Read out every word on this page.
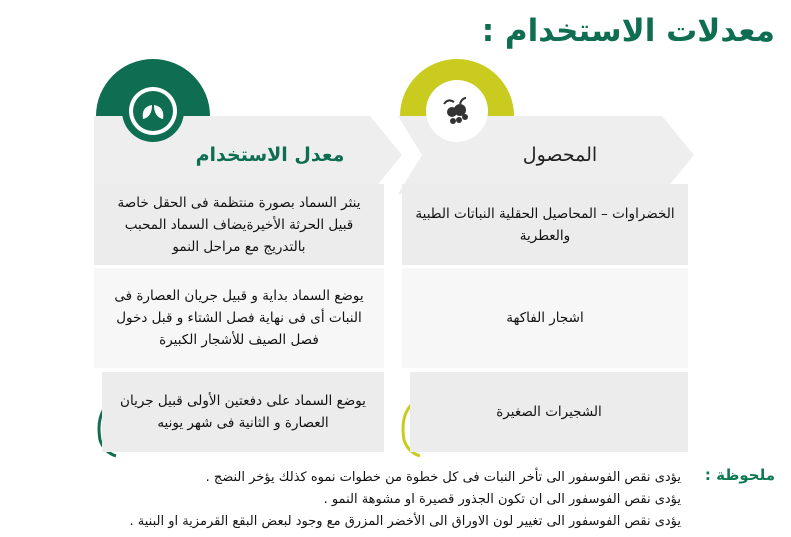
معدلات الاستخدام :
المحصول
معدل الاستخدام
الخضراوات – المحاصيل الحقلية النباتات الطبية والعطرية
اشجار الفاكهة
الشجيرات الصغيرة
ينثر السماد بصورة منتظمة فى الحقل خاصة قبيل الحرثة الأخيرةيضاف السماد المحبب بالتدريج مع مراحل النمو
يوضع السماد بداية و قبيل جريان العصارة فى النبات أى فى نهاية فصل الشتاء و قبل دخول فصل الصيف للأشجار الكبيرة
يوضع السماد على دفعتين الأولى قبيل جريان العصارة و الثانية فى شهر يونيه
ملحوظة :
يؤدى نقص الفوسفور الى تأخر النبات فى كل خطوة من خطوات نموه كذلك يؤخر النضج .
يؤدى نقص الفوسفور الى ان تكون الجذور قصيرة او مشوهة النمو .
يؤدى نقص الفوسفور الى تغيير لون الاوراق الى الأخضر المزرق مع وجود لبعض البقع القرمزية او البنية .
